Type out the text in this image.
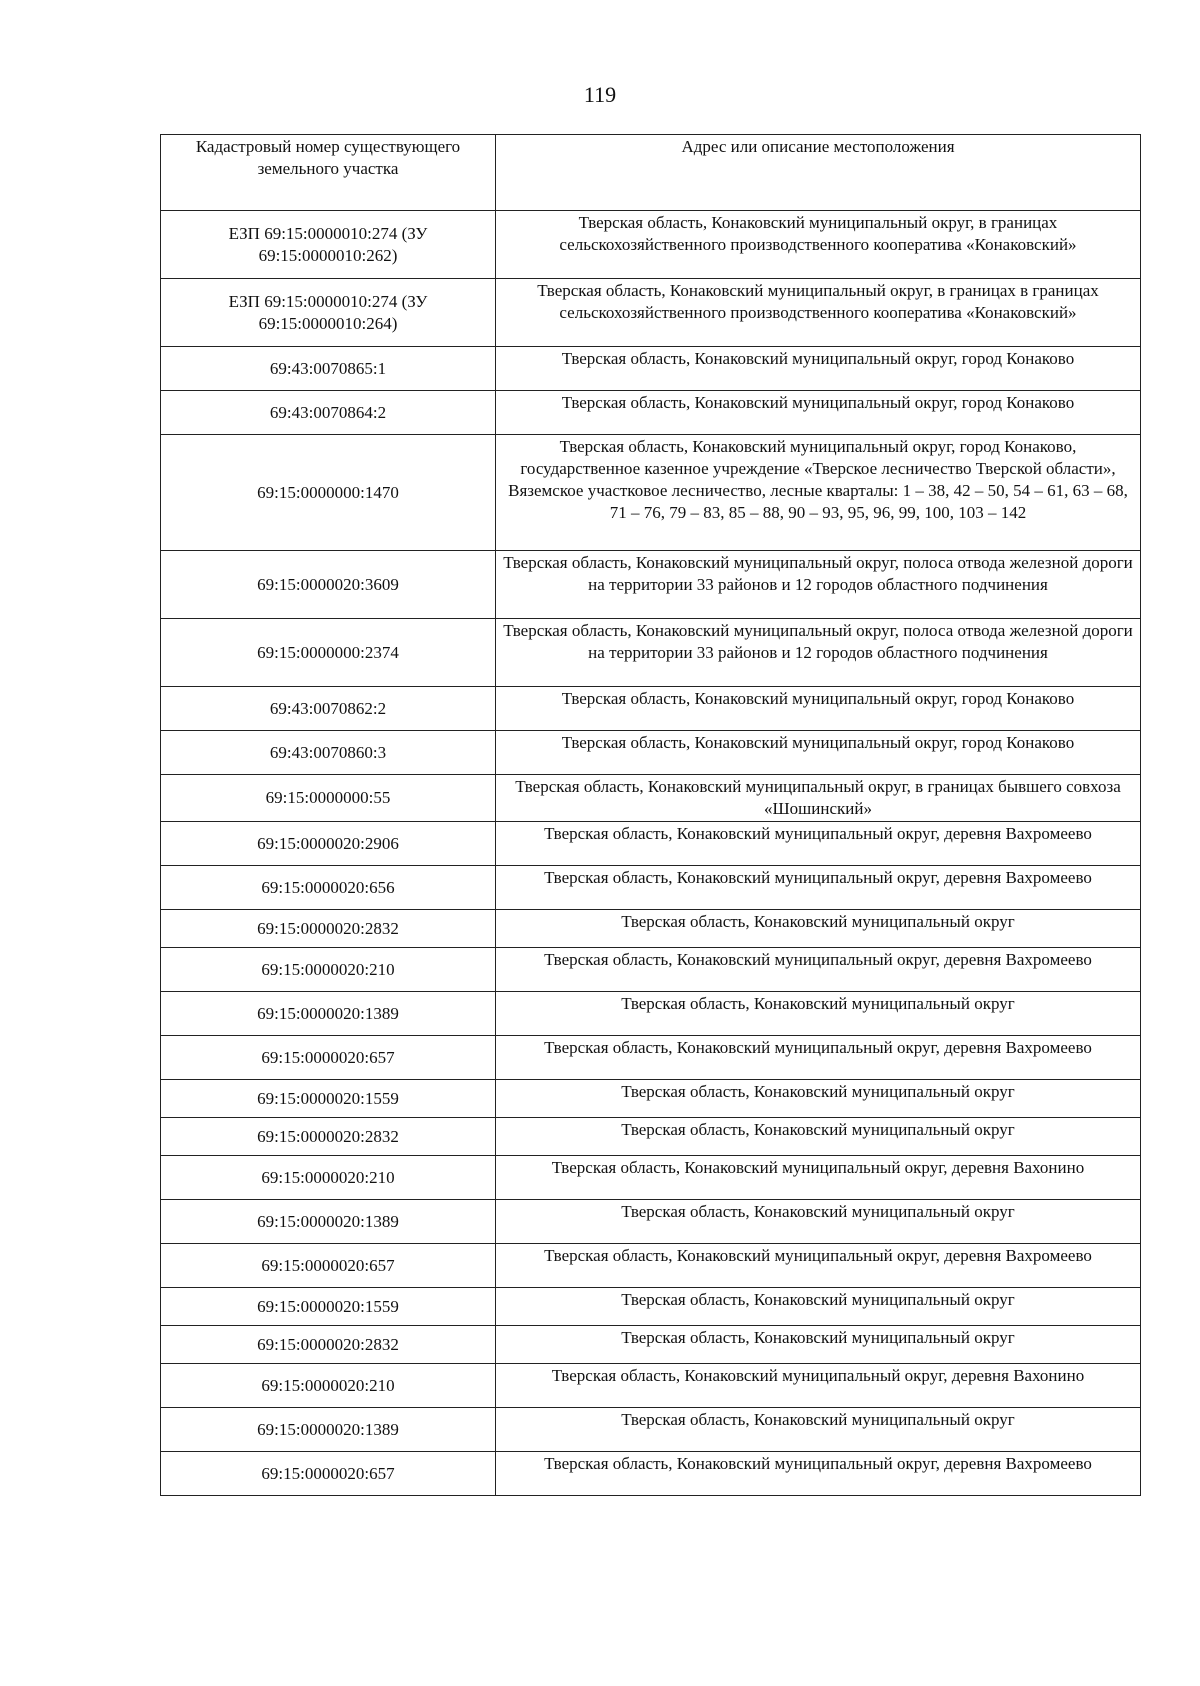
119
Кадастровый номер существующего земельного участка	Адрес или описание местоположения
ЕЗП 69:15:0000010:274 (ЗУ 69:15:0000010:262)	Тверская область, Конаковский муниципальный округ, в границах сельскохозяйственного производственного кооператива «Конаковский»
ЕЗП 69:15:0000010:274 (ЗУ 69:15:0000010:264)	Тверская область, Конаковский муниципальный округ, в границах в границах сельскохозяйственного производственного кооператива «Конаковский»
69:43:0070865:1	Тверская область, Конаковский муниципальный округ, город Конаково
69:43:0070864:2	Тверская область, Конаковский муниципальный округ, город Конаково
69:15:0000000:1470	Тверская область, Конаковский муниципальный округ, город Конаково, государственное казенное учреждение «Тверское лесничество Тверской области», Вяземское участковое лесничество, лесные кварталы: 1 – 38, 42 – 50, 54 – 61, 63 – 68, 71 – 76, 79 – 83, 85 – 88, 90 – 93, 95, 96, 99, 100, 103 – 142
69:15:0000020:3609	Тверская область, Конаковский муниципальный округ, полоса отвода железной дороги на территории 33 районов и 12 городов областного подчинения
69:15:0000000:2374	Тверская область, Конаковский муниципальный округ, полоса отвода железной дороги на территории 33 районов и 12 городов областного подчинения
69:43:0070862:2	Тверская область, Конаковский муниципальный округ, город Конаково
69:43:0070860:3	Тверская область, Конаковский муниципальный округ, город Конаково
69:15:0000000:55	Тверская область, Конаковский муниципальный округ, в границах бывшего совхоза «Шошинский»
69:15:0000020:2906	Тверская область, Конаковский муниципальный округ, деревня Вахромеево
69:15:0000020:656	Тверская область, Конаковский муниципальный округ, деревня Вахромеево
69:15:0000020:2832	Тверская область, Конаковский муниципальный округ
69:15:0000020:210	Тверская область, Конаковский муниципальный округ, деревня Вахромеево
69:15:0000020:1389	Тверская область, Конаковский муниципальный округ
69:15:0000020:657	Тверская область, Конаковский муниципальный округ, деревня Вахромеево
69:15:0000020:1559	Тверская область, Конаковский муниципальный округ
69:15:0000020:2832	Тверская область, Конаковский муниципальный округ
69:15:0000020:210	Тверская область, Конаковский муниципальный округ, деревня Вахонино
69:15:0000020:1389	Тверская область, Конаковский муниципальный округ
69:15:0000020:657	Тверская область, Конаковский муниципальный округ, деревня Вахромеево
69:15:0000020:1559	Тверская область, Конаковский муниципальный округ
69:15:0000020:2832	Тверская область, Конаковский муниципальный округ
69:15:0000020:210	Тверская область, Конаковский муниципальный округ, деревня Вахонино
69:15:0000020:1389	Тверская область, Конаковский муниципальный округ
69:15:0000020:657	Тверская область, Конаковский муниципальный округ, деревня Вахромеево
